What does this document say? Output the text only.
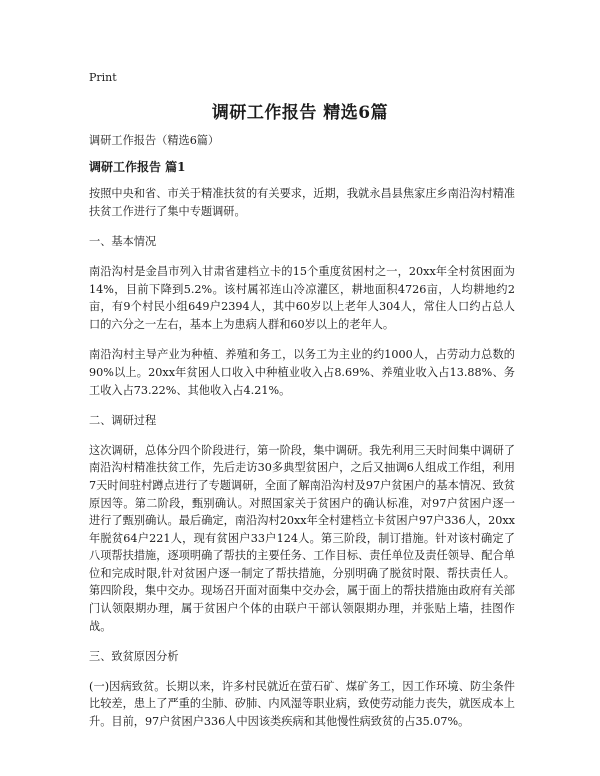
Print
调研工作报告 精选6篇

调研工作报告（精选6篇）

调研工作报告 篇1

按照中央和省、市关于精准扶贫的有关要求，近期，我就永昌县焦家庄乡南沿沟村精准扶贫工作进行了集中专题调研。

一、基本情况

南沿沟村是金昌市列入甘肃省建档立卡的15个重度贫困村之一，20xx年全村贫困面为14%，目前下降到5.2%。该村属祁连山冷凉灌区，耕地面积4726亩，人均耕地约2亩，有9个村民小组649户2394人，其中60岁以上老年人304人，常住人口约占总人口的六分之一左右，基本上为患病人群和60岁以上的老年人。

南沿沟村主导产业为种植、养殖和务工，以务工为主业的约1000人，占劳动力总数的90%以上。20xx年贫困人口收入中种植业收入占8.69%、养殖业收入占13.88%、务工收入占73.22%、其他收入占4.21%。

二、调研过程

这次调研，总体分四个阶段进行，第一阶段，集中调研。我先利用三天时间集中调研了南沿沟村精准扶贫工作，先后走访30多典型贫困户，之后又抽调6人组成工作组，利用7天时间驻村蹲点进行了专题调研，全面了解南沿沟村及97户贫困户的基本情况、致贫原因等。第二阶段，甄别确认。对照国家关于贫困户的确认标准，对97户贫困户逐一进行了甄别确认。最后确定，南沿沟村20xx年全村建档立卡贫困户97户336人，20xx年脱贫64户221人，现有贫困户33户124人。第三阶段，制订措施。针对该村确定了八项帮扶措施，逐项明确了帮扶的主要任务、工作目标、责任单位及责任领导、配合单位和完成时限,针对贫困户逐一制定了帮扶措施，分别明确了脱贫时限、帮扶责任人。第四阶段，集中交办。现场召开面对面集中交办会，属于面上的帮扶措施由政府有关部门认领限期办理，属于贫困户个体的由联户干部认领限期办理，并张贴上墙，挂图作战。

三、致贫原因分析

(一)因病致贫。长期以来，许多村民就近在萤石矿、煤矿务工，因工作环境、防尘条件比较差，患上了严重的尘肺、矽肺、内风湿等职业病，致使劳动能力丧失，就医成本上升。目前，97户贫困户336人中因该类疾病和其他慢性病致贫的占35.07%。
